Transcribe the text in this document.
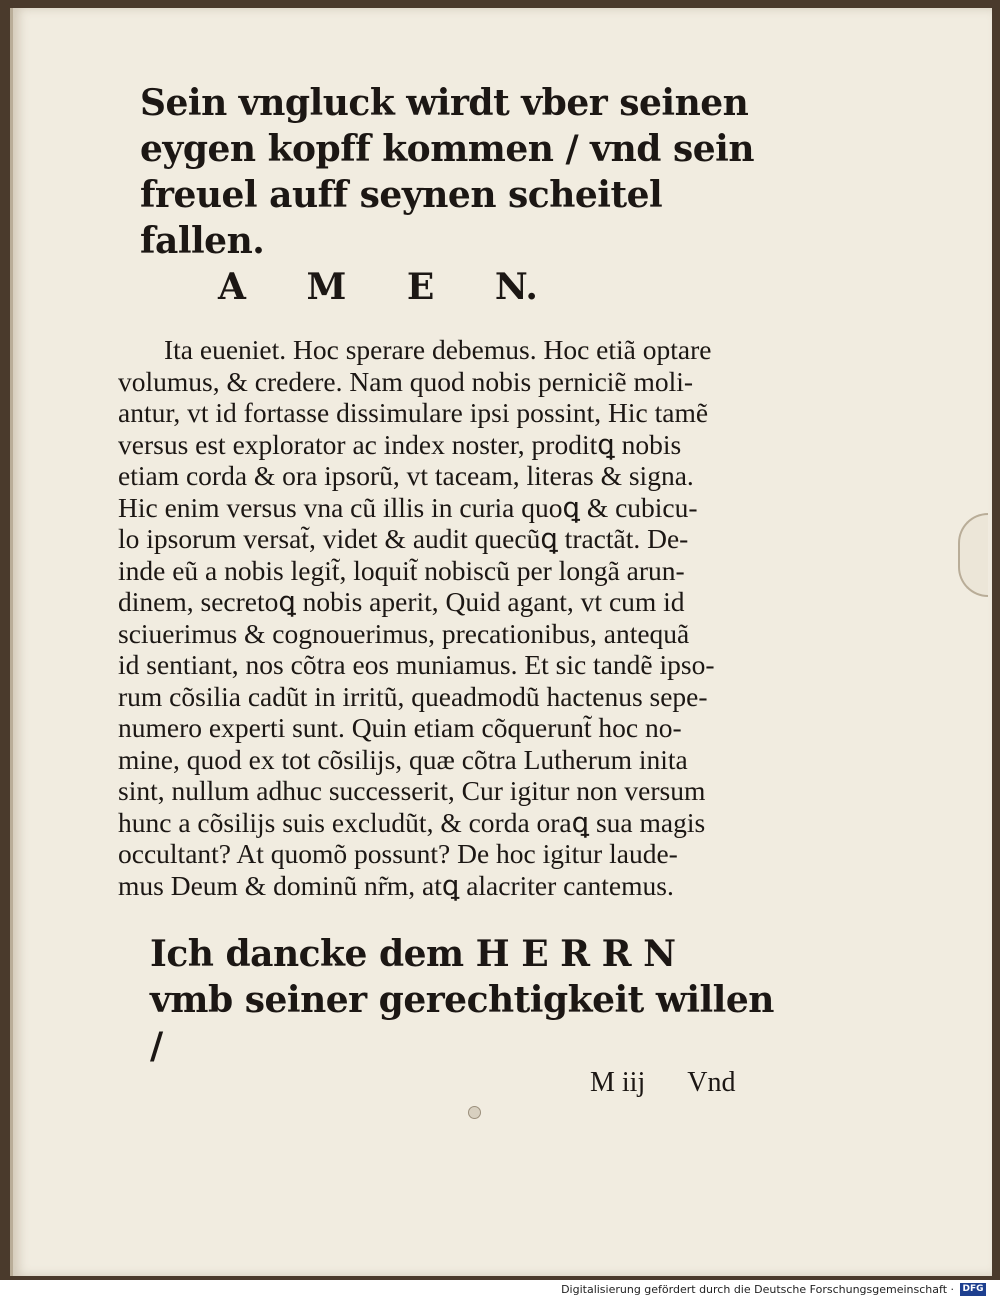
Sein vngluck wirdt vber seinen

eygen kopff kommen / vnd sein

freuel auff seynen scheitel fallen.

A M E N.

Ita eueniet. Hoc sperare debemus. Hoc etiã optare
volumus, & credere. Nam quod nobis perniciẽ moli-
antur, vt id fortasse dissimulare ipsi possint, Hic tamẽ
versus est explorator ac index noster, proditꝗ nobis
etiam corda & ora ipsorũ, vt taceam, literas & signa.
Hic enim versus vna cũ illis in curia quoꝗ & cubicu-
lo ipsorum versat̃, videt & audit quecũꝗ tractãt. De-
inde eũ a nobis legit̃, loquit̃ nobiscũ per longã arun-
dinem, secretoꝗ nobis aperit, Quid agant, vt cum id
sciuerimus & cognouerimus, precationibus, antequã
id sentiant, nos cõtra eos muniamus. Et sic tandẽ ipso-
rum cõsilia cadũt in irritũ, queadmodũ hactenus sepe-
numero experti sunt. Quin etiam cõquerunt̃ hoc no-
mine, quod ex tot cõsilijs, quæ cõtra Lutherum inita
sint, nullum adhuc successerit, Cur igitur non versum
hunc a cõsilijs suis excludũt, & corda oraꝗ sua magis
occultant? At quomõ possunt? De hoc igitur laude-
mus Deum & dominũ nr̃m, atꝗ alacriter cantemus.

Ich dancke dem H E R R N

vmb seiner gerechtigkeit willen /

M iij Vnd

Digitalisierung gefördert durch die Deutsche Forschungsgemeinschaft · DFG
